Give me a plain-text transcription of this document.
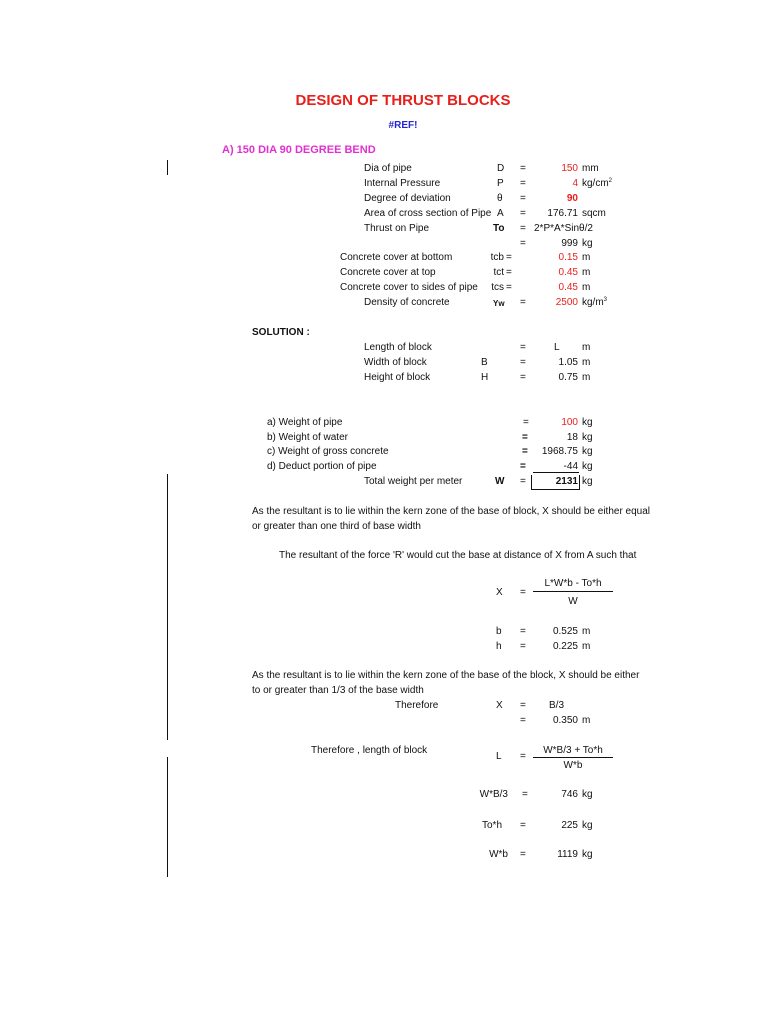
DESIGN OF THRUST BLOCKS
#REF!
A) 150 DIA 90 DEGREE BEND
Dia of pipe	D =	150 mm
Internal Pressure	P =	4 $kg/cm^2$
Degree of deviation	θ =	90
Area of cross section of Pipe A =	176.71 sqcm
Thrust on Pipe	To = 2*P*A*Sinθ/2
=	999 kg
Concrete cover at bottom	tcb =	0.15 m
Concrete cover at top	tct =	0.45 m
Concrete cover to sides of pipe	tcs =	0.45 m
Density of concrete	Yw =	2500 $kg/m^3$
SOLUTION :
Length of block	=	L m
Width of block	B	=	1.05 m
Height of block	H	=	0.75 m
a) Weight of pipe	=	100 kg
b) Weight of water	=	18 kg
c) Weight of gross concrete	=	1968.75 kg
d) Deduct portion of pipe	=	-44 kg
Total weight per meter	W =	2131 kg
As the resultant is to lie within the kern zone of the base of block, X should be either equal
or greater than one third of base width
The resultant of the force 'R' would cut the base at distance of X from A such that
X =
L*W*b - To*h
W
b =	0.525 m
h =	0.225 m
As the resultant is to lie within the kern zone of the base of the block, X should be either
to or greater than 1/3 of the base width
Therefore	X = B/3
=	0.350 m
Therefore , length of block
L =
W*B/3 + To*h
W*b
W*B/3 =	746 kg
To*h =	225 kg
W*b =	1119 kg
